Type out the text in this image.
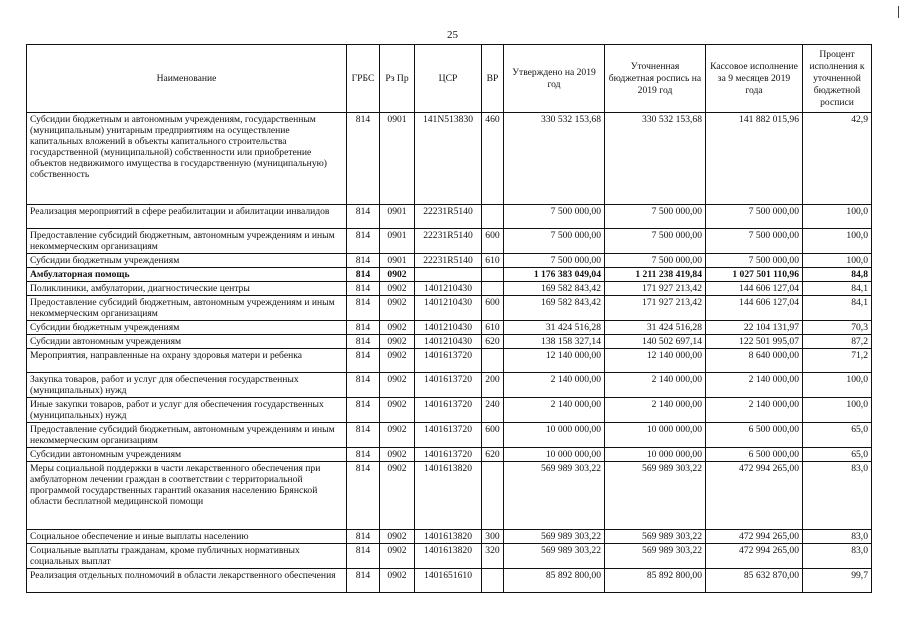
25
Наименование	ГРБС	Рз Пр	ЦСР	ВР	Утверждено на 2019 год	Уточненная бюджетная роспись на 2019 год	Кассовое исполнение за 9 месяцев 2019 года	Процент исполнения к уточненной бюджетной росписи
Субсидии бюджетным и автономным учреждениям, государственным (муниципальным) унитарным предприятиям на осуществление капитальных вложений в объекты капитального строительства государственной (муниципальной) собственности или приобретение объектов недвижимого имущества в государственную (муниципальную) собственность	814	0901	141N513830	460	330 532 153,68	330 532 153,68	141 882 015,96	42,9
Реализация мероприятий в сфере реабилитации и абилитации инвалидов	814	0901	22231R5140		7 500 000,00	7 500 000,00	7 500 000,00	100,0
Предоставление субсидий бюджетным, автономным учреждениям и иным некоммерческим организациям	814	0901	22231R5140	600	7 500 000,00	7 500 000,00	7 500 000,00	100,0
Субсидии бюджетным учреждениям	814	0901	22231R5140	610	7 500 000,00	7 500 000,00	7 500 000,00	100,0
Амбулаторная помощь	814	0902			1 176 383 049,04	1 211 238 419,84	1 027 501 110,96	84,8
Поликлиники, амбулатории, диагностические центры	814	0902	1401210430		169 582 843,42	171 927 213,42	144 606 127,04	84,1
Предоставление субсидий бюджетным, автономным учреждениям и иным некоммерческим организациям	814	0902	1401210430	600	169 582 843,42	171 927 213,42	144 606 127,04	84,1
Субсидии бюджетным учреждениям	814	0902	1401210430	610	31 424 516,28	31 424 516,28	22 104 131,97	70,3
Субсидии автономным учреждениям	814	0902	1401210430	620	138 158 327,14	140 502 697,14	122 501 995,07	87,2
Мероприятия, направленные на охрану здоровья матери и ребенка	814	0902	1401613720		12 140 000,00	12 140 000,00	8 640 000,00	71,2
Закупка товаров, работ и услуг для обеспечения государственных (муниципальных) нужд	814	0902	1401613720	200	2 140 000,00	2 140 000,00	2 140 000,00	100,0
Иные закупки товаров, работ и услуг для обеспечения государственных (муниципальных) нужд	814	0902	1401613720	240	2 140 000,00	2 140 000,00	2 140 000,00	100,0
Предоставление субсидий бюджетным, автономным учреждениям и иным некоммерческим организациям	814	0902	1401613720	600	10 000 000,00	10 000 000,00	6 500 000,00	65,0
Субсидии автономным учреждениям	814	0902	1401613720	620	10 000 000,00	10 000 000,00	6 500 000,00	65,0
Меры социальной поддержки в части лекарственного обеспечения при амбулаторном лечении граждан в соответствии с территориальной программой государственных гарантий оказания населению Брянской области бесплатной медицинской помощи	814	0902	1401613820		569 989 303,22	569 989 303,22	472 994 265,00	83,0
Социальное обеспечение и иные выплаты населению	814	0902	1401613820	300	569 989 303,22	569 989 303,22	472 994 265,00	83,0
Социальные выплаты гражданам, кроме публичных нормативных социальных выплат	814	0902	1401613820	320	569 989 303,22	569 989 303,22	472 994 265,00	83,0
Реализация отдельных полномочий в области лекарственного обеспечения	814	0902	1401651610		85 892 800,00	85 892 800,00	85 632 870,00	99,7
